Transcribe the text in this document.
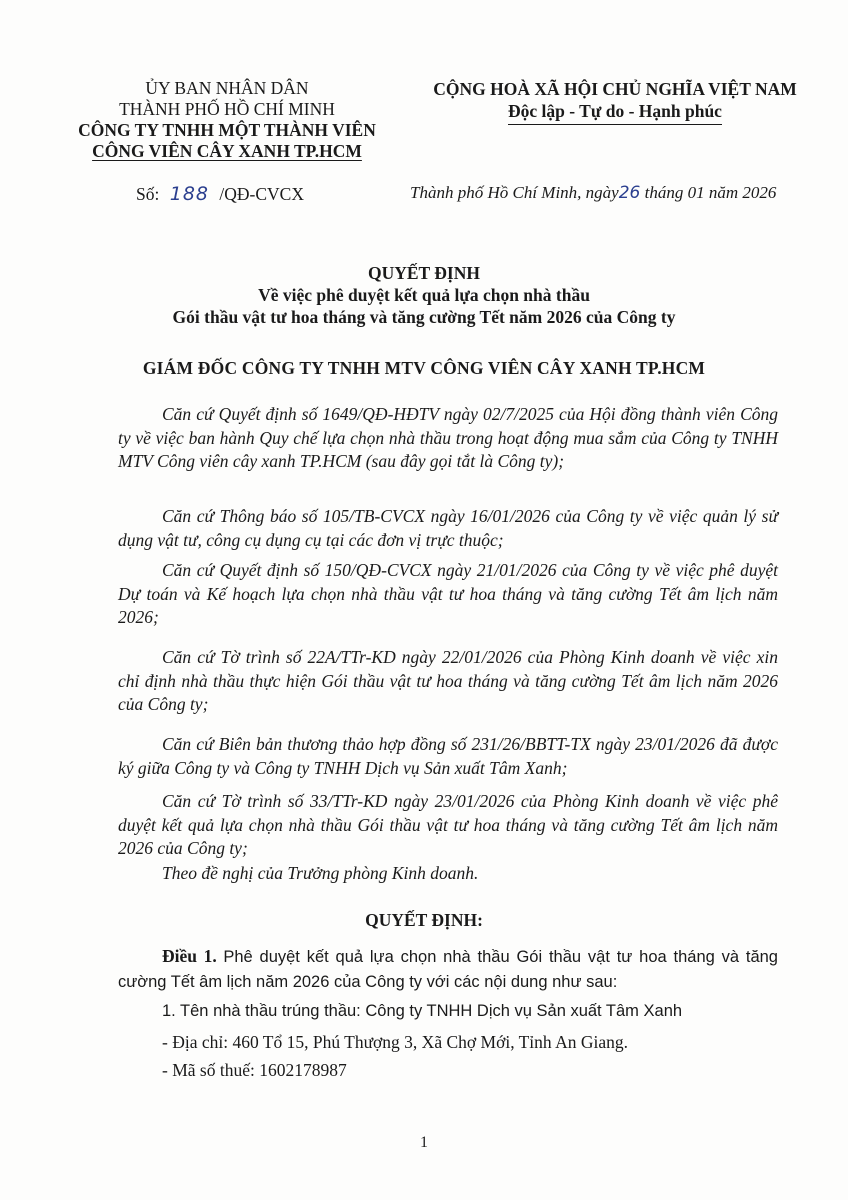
ỦY BAN NHÂN DÂN
THÀNH PHỐ HỒ CHÍ MINH
CÔNG TY TNHH MỘT THÀNH VIÊN
CÔNG VIÊN CÂY XANH TP.HCM
CỘNG HOÀ XÃ HỘI CHỦ NGHĨA VIỆT NAM
Độc lập - Tự do - Hạnh phúc
Số: 188 /QĐ-CVCX	Thành phố Hồ Chí Minh, ngày26 tháng 01 năm 2026
QUYẾT ĐỊNH
Về việc phê duyệt kết quả lựa chọn nhà thầu
Gói thầu vật tư hoa tháng và tăng cường Tết năm 2026 của Công ty
GIÁM ĐỐC CÔNG TY TNHH MTV CÔNG VIÊN CÂY XANH TP.HCM
Căn cứ Quyết định số 1649/QĐ-HĐTV ngày 02/7/2025 của Hội đồng thành viên Công ty về việc ban hành Quy chế lựa chọn nhà thầu trong hoạt động mua sắm của Công ty TNHH MTV Công viên cây xanh TP.HCM (sau đây gọi tắt là Công ty);
Căn cứ Thông báo số 105/TB-CVCX ngày 16/01/2026 của Công ty về việc quản lý sử dụng vật tư, công cụ dụng cụ tại các đơn vị trực thuộc;
Căn cứ Quyết định số 150/QĐ-CVCX ngày 21/01/2026 của Công ty về việc phê duyệt Dự toán và Kế hoạch lựa chọn nhà thầu vật tư hoa tháng và tăng cường Tết âm lịch năm 2026;
Căn cứ Tờ trình số 22A/TTr-KD ngày 22/01/2026 của Phòng Kinh doanh về việc xin chỉ định nhà thầu thực hiện Gói thầu vật tư hoa tháng và tăng cường Tết âm lịch năm 2026 của Công ty;
Căn cứ Biên bản thương thảo hợp đồng số 231/26/BBTT-TX ngày 23/01/2026 đã được ký giữa Công ty và Công ty TNHH Dịch vụ Sản xuất Tâm Xanh;
Căn cứ Tờ trình số 33/TTr-KD ngày 23/01/2026 của Phòng Kinh doanh về việc phê duyệt kết quả lựa chọn nhà thầu Gói thầu vật tư hoa tháng và tăng cường Tết âm lịch năm 2026 của Công ty;
Theo đề nghị của Trưởng phòng Kinh doanh.
QUYẾT ĐỊNH:
Điều 1. Phê duyệt kết quả lựa chọn nhà thầu Gói thầu vật tư hoa tháng và tăng cường Tết âm lịch năm 2026 của Công ty với các nội dung như sau:
1. Tên nhà thầu trúng thầu: Công ty TNHH Dịch vụ Sản xuất Tâm Xanh
- Địa chỉ: 460 Tổ 15, Phú Thượng 3, Xã Chợ Mới, Tỉnh An Giang.
- Mã số thuế: 1602178987
1
